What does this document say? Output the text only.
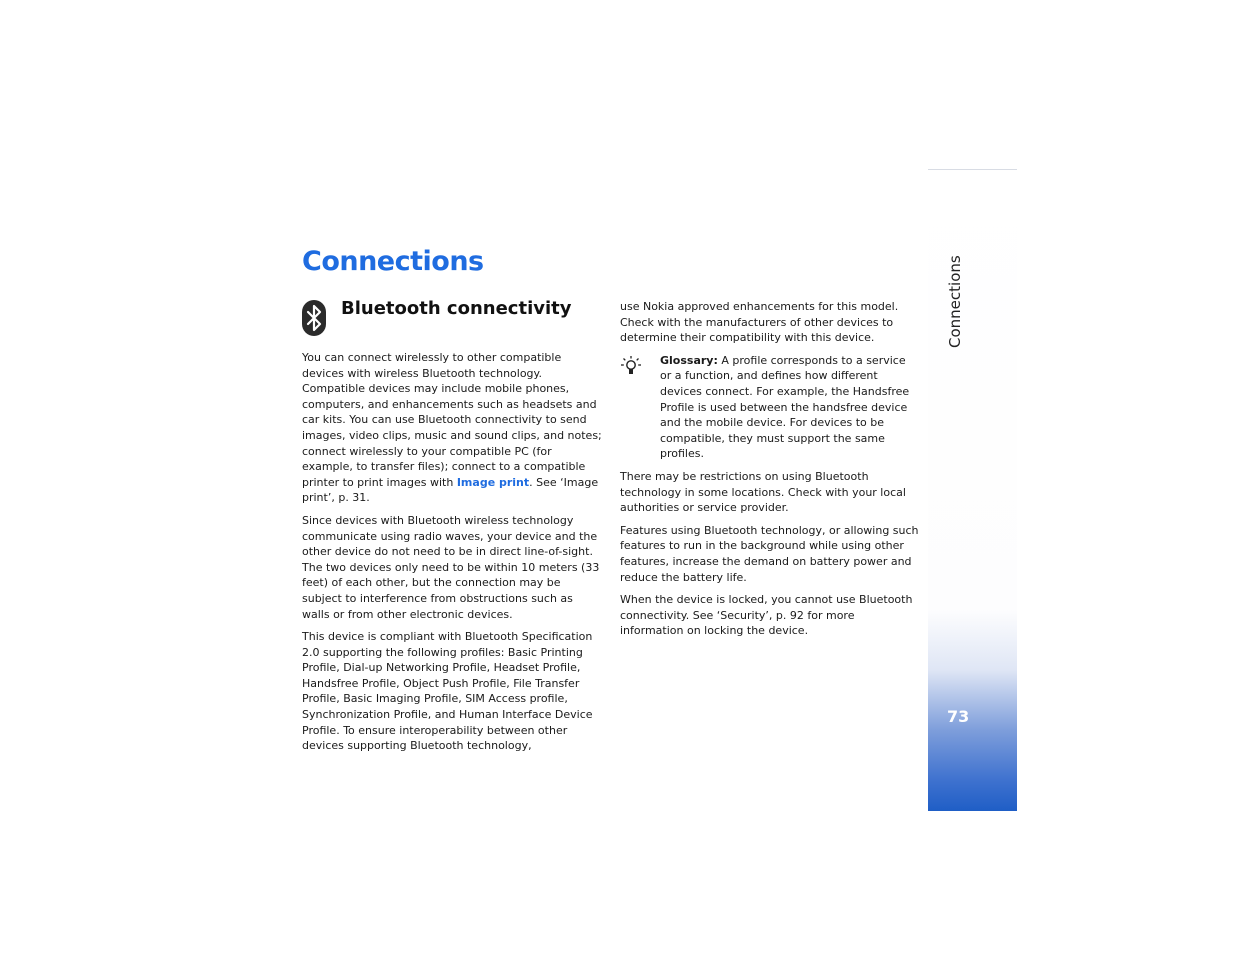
Connections
Bluetooth connectivity

You can connect wirelessly to other compatible devices with wireless Bluetooth technology. Compatible devices may include mobile phones, computers, and enhancements such as headsets and car kits. You can use Bluetooth connectivity to send images, video clips, music and sound clips, and notes; connect wirelessly to your compatible PC (for example, to transfer files); connect to a compatible printer to print images with Image print. See ‘Image print’, p. 31.

Since devices with Bluetooth wireless technology communicate using radio waves, your device and the other device do not need to be in direct line-of-sight. The two devices only need to be within 10 meters (33 feet) of each other, but the connection may be subject to interference from obstructions such as walls or from other electronic devices.

This device is compliant with Bluetooth Specification 2.0 supporting the following profiles: Basic Printing Profile, Dial-up Networking Profile, Headset Profile, Handsfree Profile, Object Push Profile, File Transfer Profile, Basic Imaging Profile, SIM Access profile, Synchronization Profile, and Human Interface Device Profile. To ensure interoperability between other devices supporting Bluetooth technology,

use Nokia approved enhancements for this model. Check with the manufacturers of other devices to determine their compatibility with this device.

Glossary: A profile corresponds to a service or a function, and defines how different devices connect. For example, the Handsfree Profile is used between the handsfree device and the mobile device. For devices to be compatible, they must support the same profiles.

There may be restrictions on using Bluetooth technology in some locations. Check with your local authorities or service provider.

Features using Bluetooth technology, or allowing such features to run in the background while using other features, increase the demand on battery power and reduce the battery life.

When the device is locked, you cannot use Bluetooth connectivity. See ‘Security’, p. 92 for more information on locking the device.

Connections
73
